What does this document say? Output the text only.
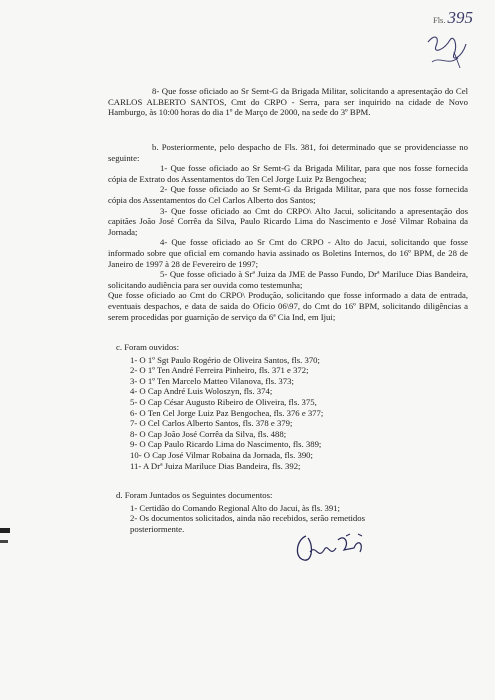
Fls. 395

8- Que fosse oficiado ao Sr Semt-G da Brigada Militar, solicitando a apresentação do Cel CARLOS ALBERTO SANTOS, Cmt do CRPO - Serra, para ser inquirido na cidade de Novo Hamburgo, às 10:00 horas do dia 1º de Março de 2000, na sede do 3º BPM.

b. Posteriormente, pelo despacho de Fls. 381, foi determinado que se providenciasse no seguinte:

1- Que fosse oficiado ao Sr Semt-G da Brigada Militar, para que nos fosse fornecida cópia de Extrato dos Assentamentos do Ten Cel Jorge Luiz Pz Bengochea;

2- Que fosse oficiado ao Sr Semt-G da Brigada Militar, para que nos fosse fornecida cópia dos Assentamentos do Cel Carlos Alberto dos Santos;

3- Que fosse oficiado ao Cmt do CRPO\ Alto Jacui, solicitando a apresentação dos capitães João José Corrêa da Silva, Paulo Ricardo Lima do Nascimento e José Vilmar Robaina da Jornada;

4- Que fosse oficiado ao Sr Cmt do CRPO - Alto do Jacui, solicitando que fosse informado sobre que oficial em comando havia assinado os Boletins Internos, do 16º BPM, de 28 de Janeiro de 1997 à 28 de Fevereiro de 1997;

5- Que fosse oficiado à Srª Juiza da JME de Passo Fundo, Drª Mariluce Dias Bandeira, solicitando audiência para ser ouvida como testemunha;

Que fosse oficiado ao Cmt do CRPO\ Produção, solicitando que fosse informado a data de entrada, eventuais despachos, e data de saida do Oficio 06\97, do Cmt do 16º BPM, solicitando diligências a serem procedidas por guarnição de serviço da 6ª Cia Ind, em Ijui;

c. Foram ouvidos:
1- O 1º Sgt Paulo Rogério de Oliveira Santos, fls. 370;
2- O 1º Ten André Ferreira Pinheiro, fls. 371 e 372;
3- O 1º Ten Marcelo Matteo Vilanova, fls. 373;
4- O Cap André Luis Woloszyn, fls. 374;
5- O Cap César Augusto Ribeiro de Oliveira, fls. 375,
6- O Ten Cel Jorge Luiz Paz Bengochea, fls. 376 e 377;
7- O Cel Carlos Alberto Santos, fls. 378 e 379;
8- O Cap João José Corrêa da Silva, fls. 488;
9- O Cap Paulo Ricardo Lima do Nascimento, fls. 389;
10- O Cap José Vilmar Robaina da Jornada, fls. 390;
11- A Drª Juiza Mariluce Dias Bandeira, fls. 392;
d. Foram Juntados os Seguintes documentos:
1- Certidão do Comando Regional Alto do Jacui, às fls. 391;
2- Os documentos solicitados, ainda não recebidos, serão remetidos posteriormente.
